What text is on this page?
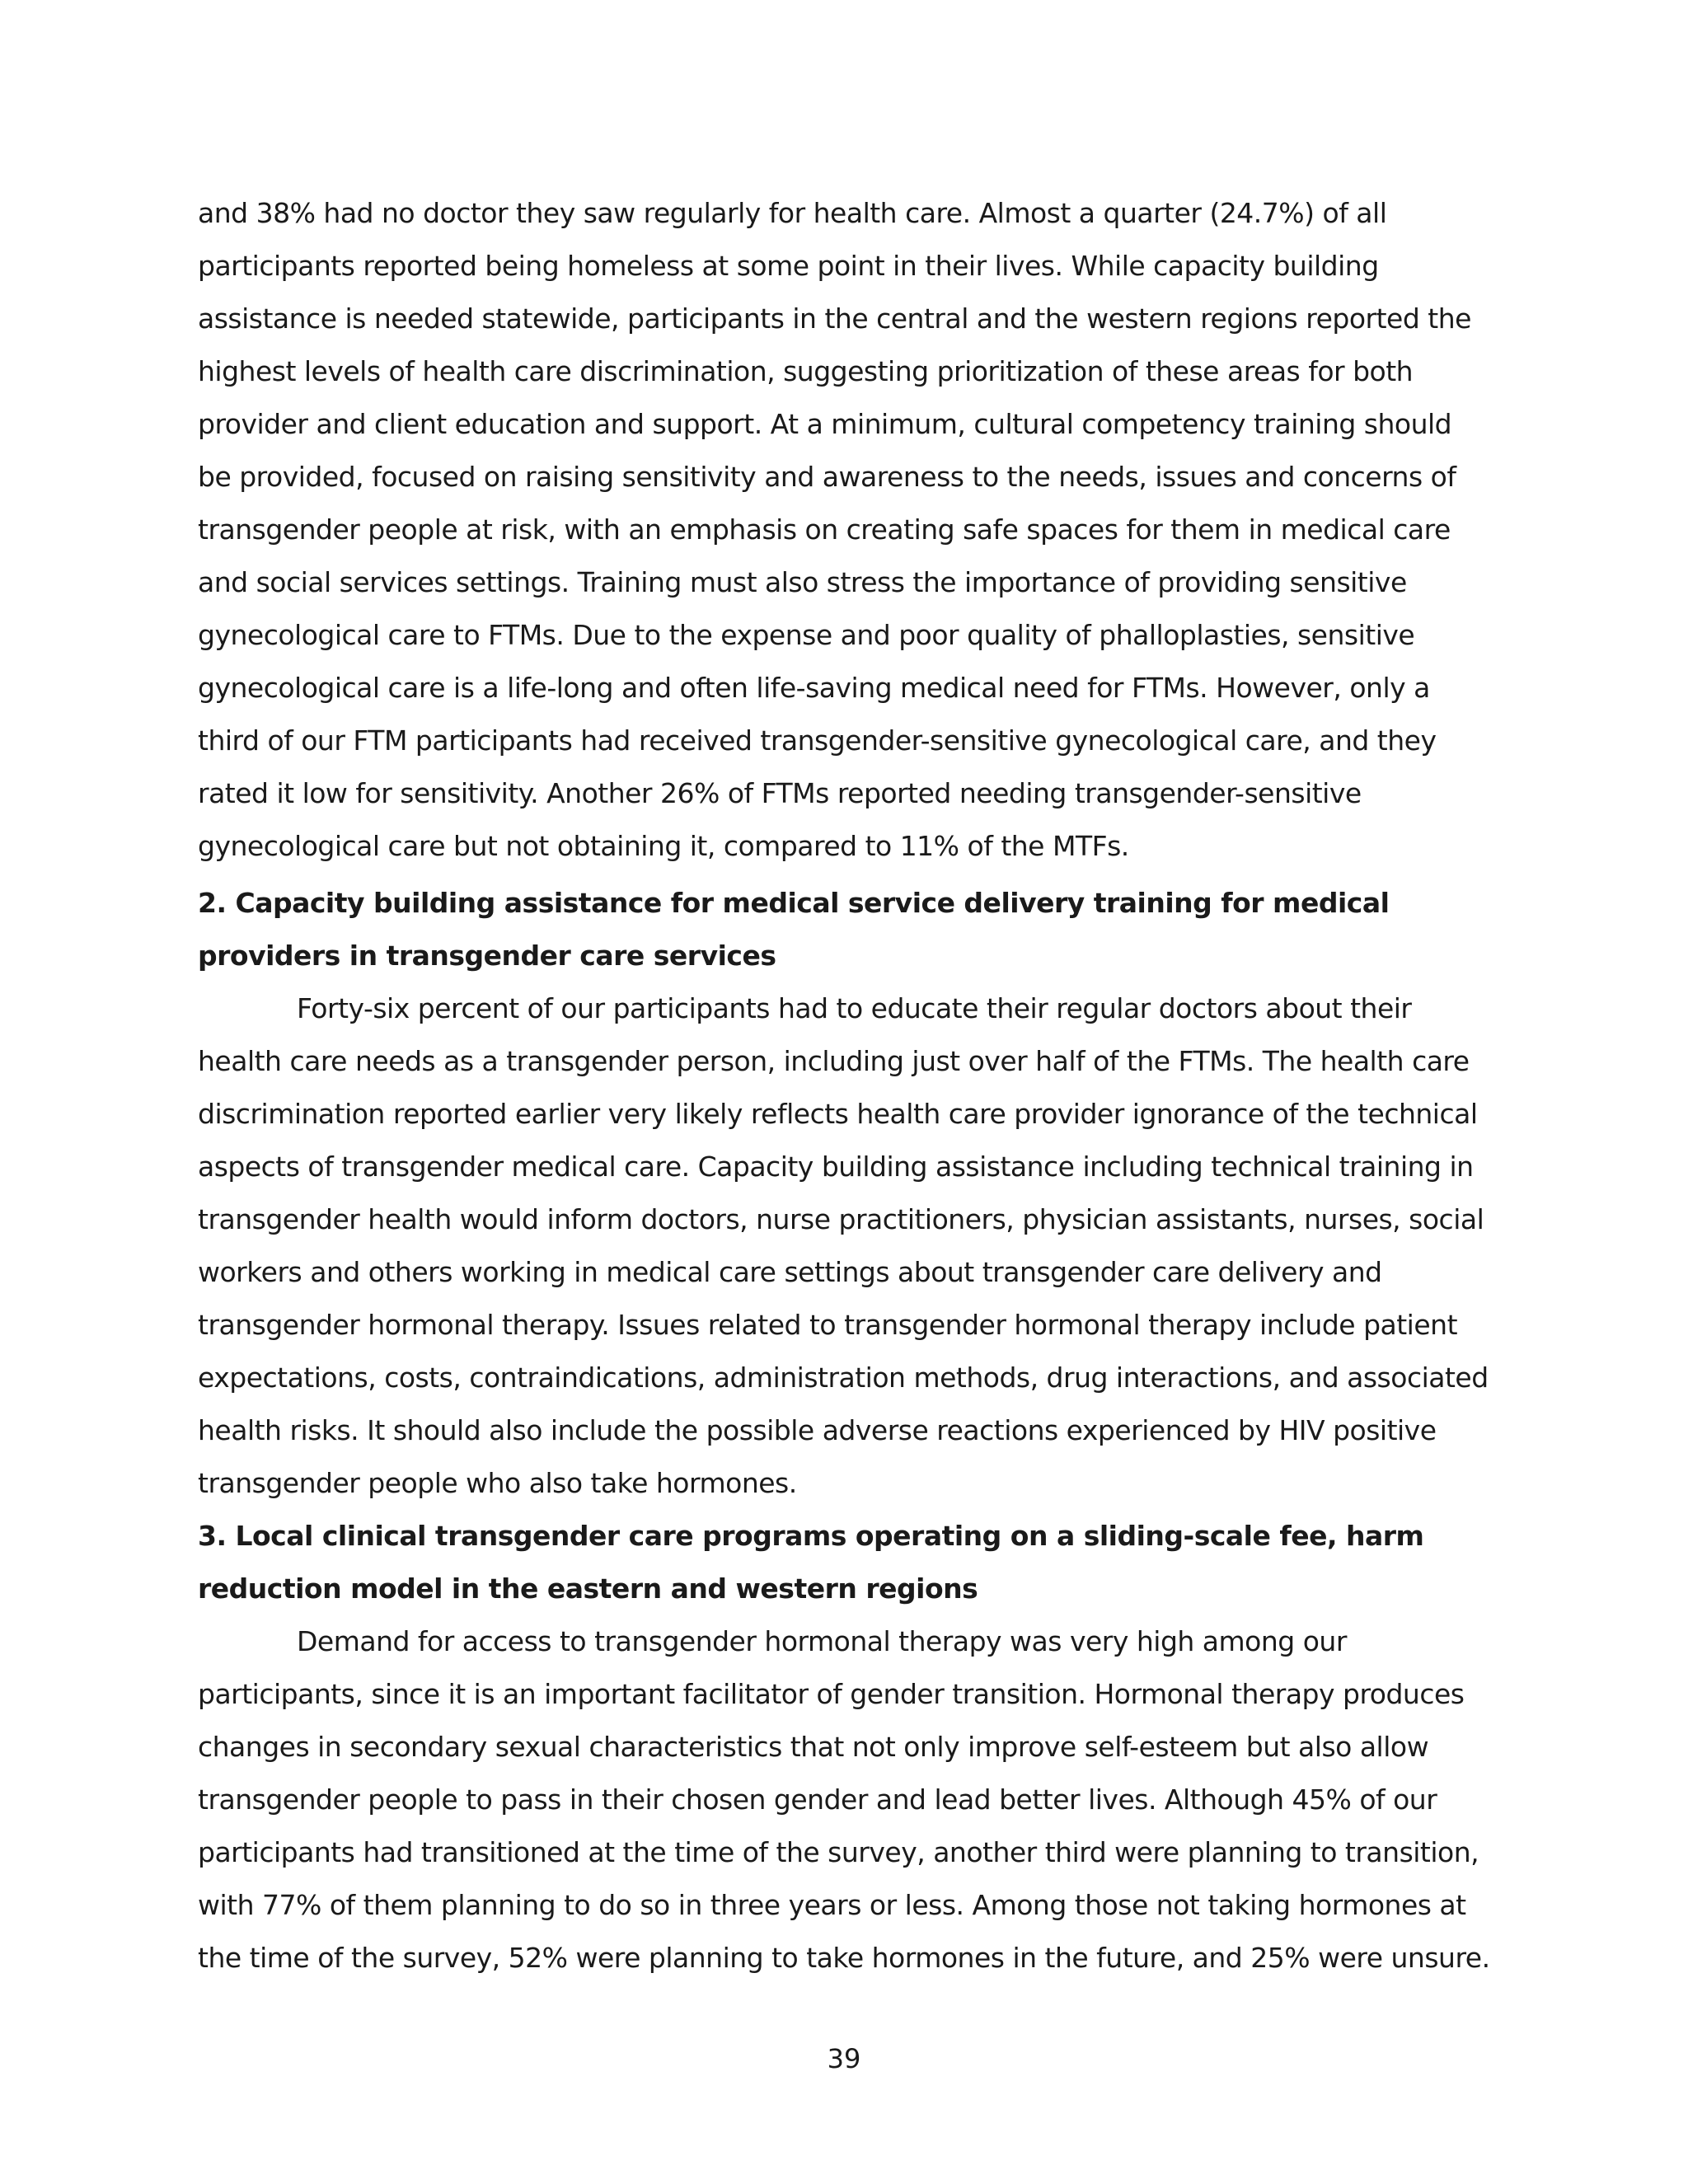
and 38% had no doctor they saw regularly for health care. Almost a quarter (24.7%) of all participants reported being homeless at some point in their lives. While capacity building assistance is needed statewide, participants in the central and the western regions reported the highest levels of health care discrimination, suggesting prioritization of these areas for both provider and client education and support. At a minimum, cultural competency training should be provided, focused on raising sensitivity and awareness to the needs, issues and concerns of transgender people at risk, with an emphasis on creating safe spaces for them in medical care and social services settings. Training must also stress the importance of providing sensitive gynecological care to FTMs. Due to the expense and poor quality of phalloplasties, sensitive gynecological care is a life-long and often life-saving medical need for FTMs. However, only a third of our FTM participants had received transgender-sensitive gynecological care, and they rated it low for sensitivity. Another 26% of FTMs reported needing transgender-sensitive gynecological care but not obtaining it, compared to 11% of the MTFs.

2. Capacity building assistance for medical service delivery training for medical providers in transgender care services

Forty-six percent of our participants had to educate their regular doctors about their health care needs as a transgender person, including just over half of the FTMs. The health care discrimination reported earlier very likely reflects health care provider ignorance of the technical aspects of transgender medical care. Capacity building assistance including technical training in transgender health would inform doctors, nurse practitioners, physician assistants, nurses, social workers and others working in medical care settings about transgender care delivery and transgender hormonal therapy. Issues related to transgender hormonal therapy include patient expectations, costs, contraindications, administration methods, drug interactions, and associated health risks. It should also include the possible adverse reactions experienced by HIV positive transgender people who also take hormones.

3. Local clinical transgender care programs operating on a sliding-scale fee, harm reduction model in the eastern and western regions

Demand for access to transgender hormonal therapy was very high among our participants, since it is an important facilitator of gender transition. Hormonal therapy produces changes in secondary sexual characteristics that not only improve self-esteem but also allow transgender people to pass in their chosen gender and lead better lives. Although 45% of our participants had transitioned at the time of the survey, another third were planning to transition, with 77% of them planning to do so in three years or less. Among those not taking hormones at the time of the survey, 52% were planning to take hormones in the future, and 25% were unsure.

39
